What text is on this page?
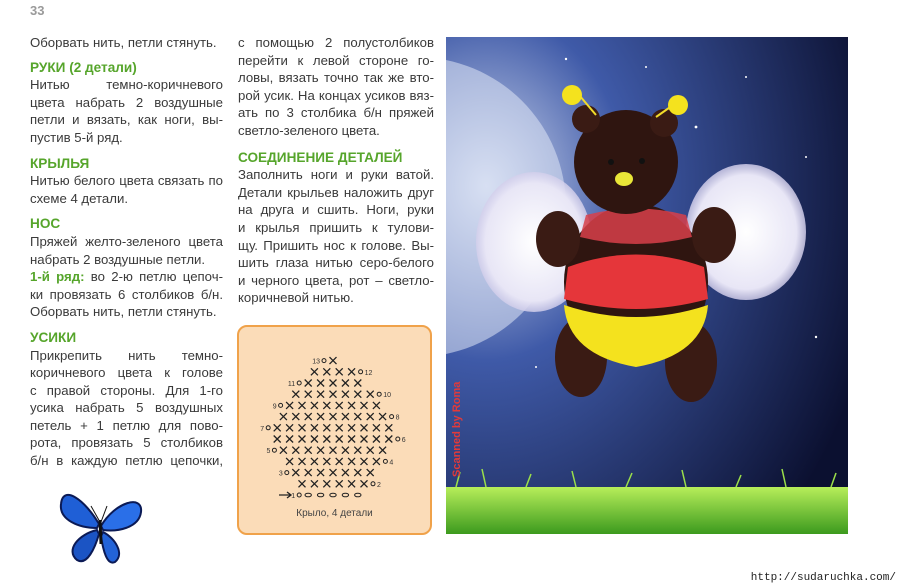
33

Оборвать нить, петли стянуть.

РУКИ (2 детали)

Нитью темно-коричневого

цвета набрать 2 воздушные

петли и вязать, как ноги, вы-

пустив 5-й ряд.

КРЫЛЬЯ

Нитью белого цвета связать по

схеме 4 детали.

НОС

Пряжей желто-зеленого цвета

набрать 2 воздушные петли.

1-й ряд: во 2-ю петлю цепоч-

ки провязать 6 столбиков б/н.

Оборвать нить, петли стянуть.

УСИКИ

Прикрепить нить темно-

коричневого цвета к голове

с правой стороны. Для 1-го

усика набрать 5 воздушных

петель + 1 петлю для пово-

рота, провязать 5 столбиков

б/н в каждую петлю цепочки,

с помощью 2 полустолбиков

перейти к левой стороне го-

ловы, вязать точно так же вто-

рой усик. На концах усиков вяз-

ать по 3 столбика б/н пряжей

светло-зеленого цвета.

СОЕДИНЕНИЕ ДЕТАЛЕЙ

Заполнить ноги и руки ватой.

Детали крыльев наложить друг

на друга и сшить. Ноги, руки

и крылья пришить к тулови-

щу. Пришить нос к голове. Вы-

шить глаза нитью серо-белого

и черного цвета, рот – светло-

коричневой нитью.

1
2
3
4
5
6
7
8
9
10
11
12
13
Крыло, 4 детали
Scanned by Roma
http://sudaruchka.com/
